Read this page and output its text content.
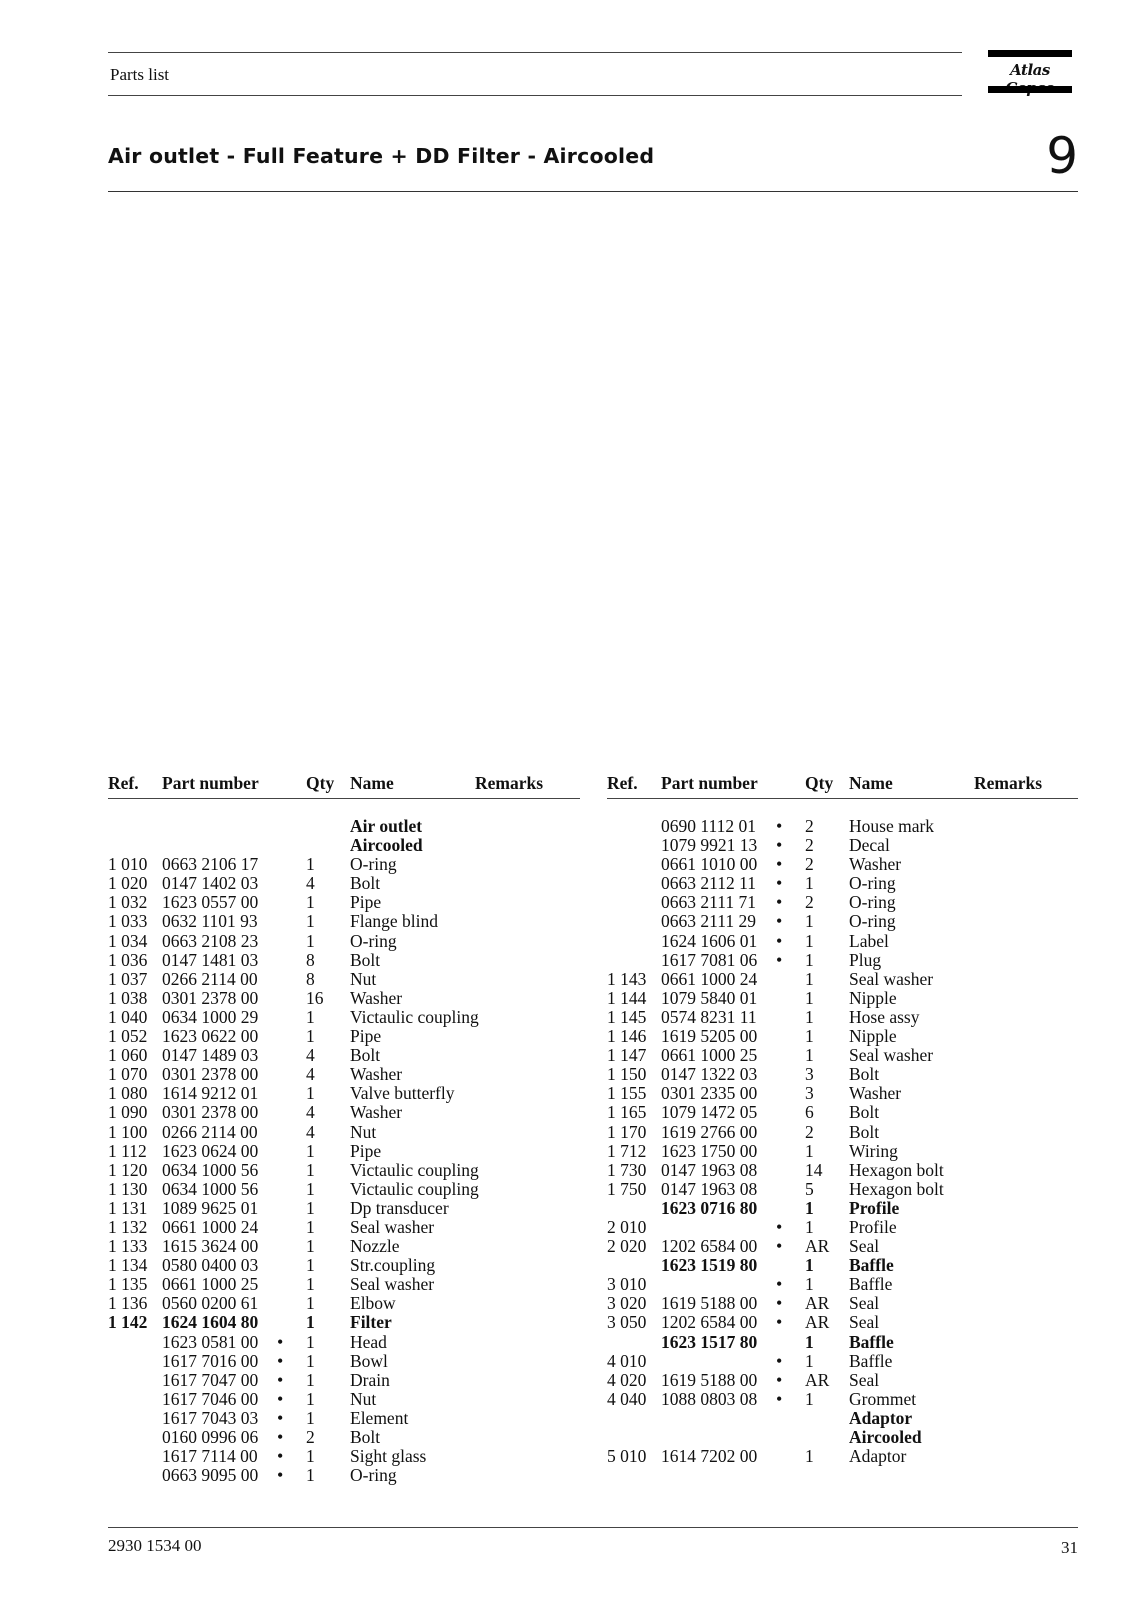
Parts list	Atlas
Air outlet - Full Feature + DD Filter - Aircooled	9
Ref. Part number	Qty Name	Remarks
Air outlet
Aircooled
1 010 0663 2106 17	1 O-ring
1 020 0147 1402 03	4 Bolt
1 032 1623 0557 00	1 Pipe
1 033 0632 1101 93	1 Flange blind
1 034 0663 2108 23	1 O-ring
1 036 0147 1481 03	8 Bolt
1 037 0266 2114 00	8 Nut
1 038 0301 2378 00	16 Washer
1 040 0634 1000 29	1 Victaulic coupling
1 052 1623 0622 00	1 Pipe
1 060 0147 1489 03	4 Bolt
1 070 0301 2378 00	4 Washer
1 080 1614 9212 01	1 Valve butterfly
1 090 0301 2378 00	4 Washer
1 100 0266 2114 00	4 Nut
1 112 1623 0624 00	1 Pipe
1 120 0634 1000 56	1 Victaulic coupling
1 130 0634 1000 56	1 Victaulic coupling
1 131 1089 9625 01	1 Dp transducer
1 132 0661 1000 24	1 Seal washer
1 133 1615 3624 00	1 Nozzle
1 134 0580 0400 03	1 Str.coupling
1 135 0661 1000 25	1 Seal washer
1 136 0560 0200 61	1 Elbow
1 142 1624 1604 80	1 Filter
1623 0581 00 • 1 Head
1617 7016 00 • 1 Bowl
1617 7047 00 • 1 Drain
1617 7046 00 • 1 Nut
1617 7043 03 • 1 Element
0160 0996 06 • 2 Bolt
1617 7114 00 • 1 Sight glass
0663 9095 00 • 1 O-ring
Ref. Part number	Qty Name	Remarks
0690 1112 01 • 2 House mark
1079 9921 13 • 2 Decal
0661 1010 00 • 2 Washer
0663 2112 11 • 1 O-ring
0663 2111 71 • 2 O-ring
0663 2111 29 • 1 O-ring
1624 1606 01 • 1 Label
1617 7081 06 • 1 Plug
1 143 0661 1000 24	1 Seal washer
1 144 1079 5840 01	1 Nipple
1 145 0574 8231 11	1 Hose assy
1 146 1619 5205 00	1 Nipple
1 147 0661 1000 25	1 Seal washer
1 150 0147 1322 03	3 Bolt
1 155 0301 2335 00	3 Washer
1 165 1079 1472 05	6 Bolt
1 170 1619 2766 00	2 Bolt
1 712 1623 1750 00	1 Wiring
1 730 0147 1963 08	14 Hexagon bolt
1 750 0147 1963 08	5 Hexagon bolt
1623 0716 80	1 Profile
2 010	• 1 Profile
2 020 1202 6584 00 • AR Seal
1623 1519 80	1 Baffle
3 010	• 1 Baffle
3 020 1619 5188 00 • AR Seal
3 050 1202 6584 00 • AR Seal
1623 1517 80	1 Baffle
4 010	• 1 Baffle
4 020 1619 5188 00 • AR Seal
4 040 1088 0803 08 • 1 Grommet
Adaptor
Aircooled
5 010 1614 7202 00	1 Adaptor
2930 1534 00	31
